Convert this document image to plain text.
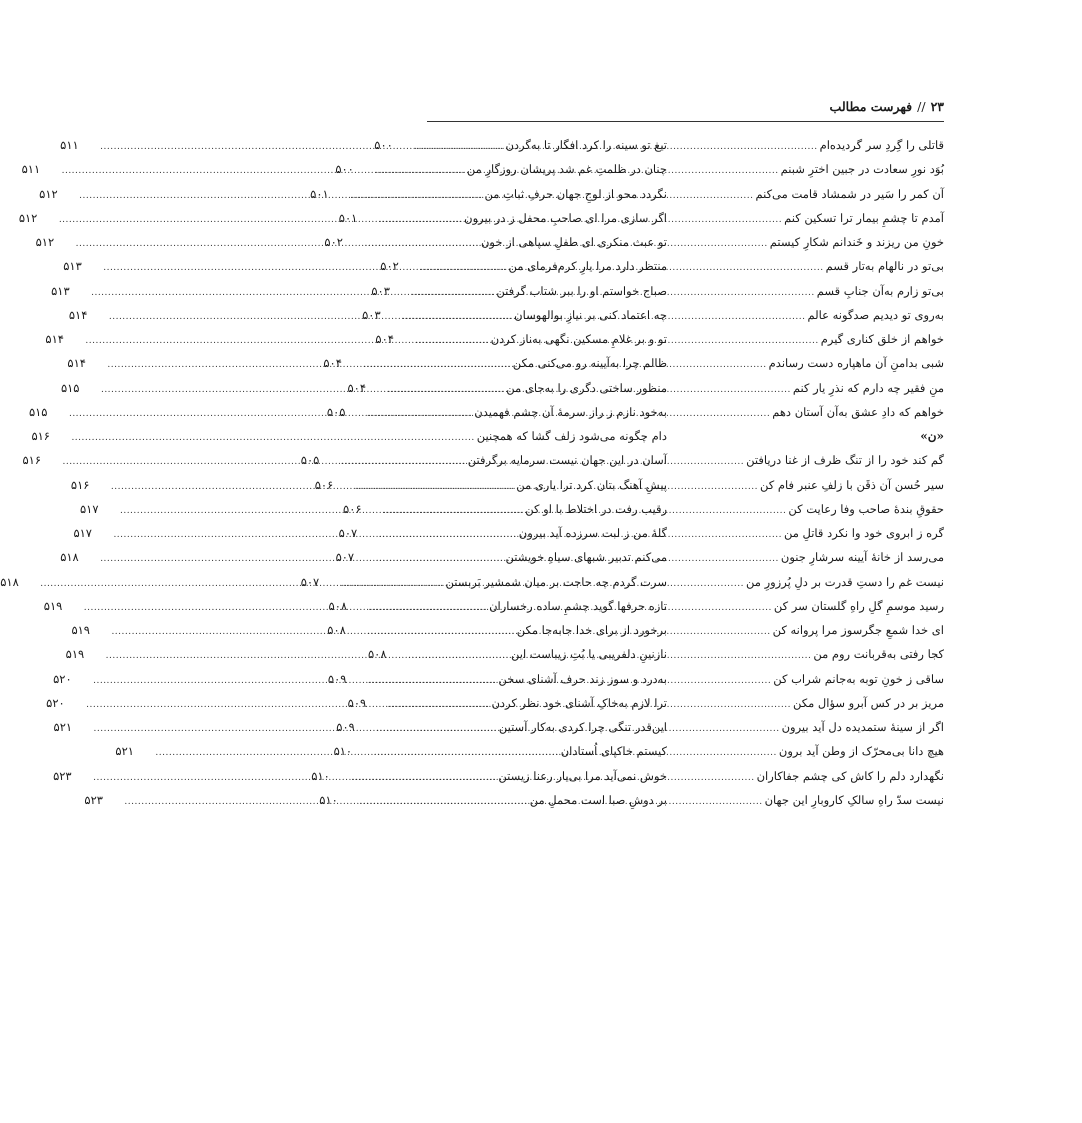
۲۳
//
فهرست مطالب
قاتلی را گِردِ سر گردیده‌ام
.....
۵۰۰
بُوَد نورِ سعادت در جبین اخترِ شبنم
.....
۵۰۰
آن کمر را سَیر در شمشاد قامت می‌کنم
.....
۵۰۱
آمدم تا چشمِ بیمار ترا تسکین کنم
.....
۵۰۱
خونِ من ریزند و خَندانم شکارِ کیستم
.....
۵۰۲
بی‌تو در نالهام به‌تار قسم
.....
۵۰۲
بی‌تو زارم به‌آن جنابِ قسم
.....
۵۰۳
به‌روی تو دیدیم صدگونه عالم
.....
۵۰۳
خواهم از خلق کناری گیرم
.....
۵۰۴
شبی بدامنِ آن ماهپاره دست رساندم
.....
۵۰۴
منِ فقیر چه دارم که نذرِ یار کنم
.....
۵۰۴
خواهم که دادِ عشق به‌آن آستان دهم
.....
۵۰۵
«ن»
گم کند خود را از تنگ ظرف از غنا دریافتن
.....
۵۰۵
سیر حُسن آن ذقَن با زلفِ عنبر فام کن
.....
۵۰۶
حقوقِ بندهٔ صاحب وفا رعایت کن
.....
۵۰۶
گره ز ابروی خود وا نکرد قاتلِ من
.....
۵۰۷
می‌رسد از خانهٔ آیینه سرشارِ جنون
.....
۵۰۷
نیست غم را دستِ قدرت بر دلِ پُرزورِ من
.....
۵۰۷
رسید موسمِ گلِ راهِ گلستان سر کن
.....
۵۰۸
ای خدا شمعِ جگرسوز مرا پروانه کن
.....
۵۰۸
کجا رفتی به‌قربانت روم من
.....
۵۰۸
ساقی ز خونِ توبه به‌جانم شراب کن
.....
۵۰۹
مریز بر در کس آبرو سؤال مکن
.....
۵۰۹
اگر از سینهٔ ستمدیده دل آید بیرون
.....
۵۰۹
هیچ دانا بی‌محرّک از وطن آید برون
.....
۵۱۰
نگهدارد دلم را کاش کی چشم جفاکاران
.....
۵۱۰
نیست سدّ راهِ سالکِ کاروبارِ این جهان
.....
۵۱۰
تیغ تو سینه را کرد افگار تا به‌گردن
.....
۵۱۱
چنان در ظلمتِ غم شد پریشان روزگارِ من
.....
۵۱۱
نگردد محو از لوحِ جهان حرفِ ثباتِ من
.....
۵۱۲
اگر سازی مرا ای صاحبِ محفل ز در بیرون
.....
۵۱۲
تو عبث منکری ای طفلِ سپاهی از خون
.....
۵۱۲
منتظر دارد مرا یارِ کرم‌فرمای من
.....
۵۱۳
صباح خواستم او را ببر شتاب گرفتن
.....
۵۱۳
چه اعتماد کنی بر نیازِ بوالهوسان
.....
۵۱۴
تو و بر غلامِ مسکین نگهی به‌ناز کردن
.....
۵۱۴
ظالم چرا به‌آیینه رو می‌کنی مکن
.....
۵۱۴
منظور ساختی دگری را به‌جای من
.....
۵۱۵
به‌خود نازم ز راز سرمهٔ آن چشم فهمیدن
.....
۵۱۵
دام چگونه می‌شود زلف گشا که همچنین
.....
۵۱۶
آسان در این جهان نیست سرمایه برگرفتن
.....
۵۱۶
پیشِ آهنگ بتان کرد ترا یاری من
.....
۵۱۶
رقیب رفت در اختلاط با او کن
.....
۵۱۷
گلهٔ من ز لبت سرزده آید بیرون
.....
۵۱۷
می‌کنم تدبیر شبهای سیاهِ خویشتن
.....
۵۱۸
سرت گردم چه حاجت بر میان شمشیر بَربستن
.....
۵۱۸
تازه حرفها گوید چشمِ ساده رخساران
.....
۵۱۹
برخورد از برای خدا جابه‌جا مکن
.....
۵۱۹
نازنینِ دلفریبی یا بُتِ زیباست این
.....
۵۱۹
به‌درد و سوز زند حرف آشنای سخن
.....
۵۲۰
ترا لازم به‌خاکِ آشنای خود نظر کردن
.....
۵۲۰
این‌قدر تنگی چرا کردی به‌کار آستین
.....
۵۲۱
کیستم خاکپای اُستادان
.....
۵۲۱
خوش نمی‌آید مرا بی‌یار رعنا زیستن
.....
۵۲۳
بر دوشِ صبا است محملِ من
.....
۵۲۳
